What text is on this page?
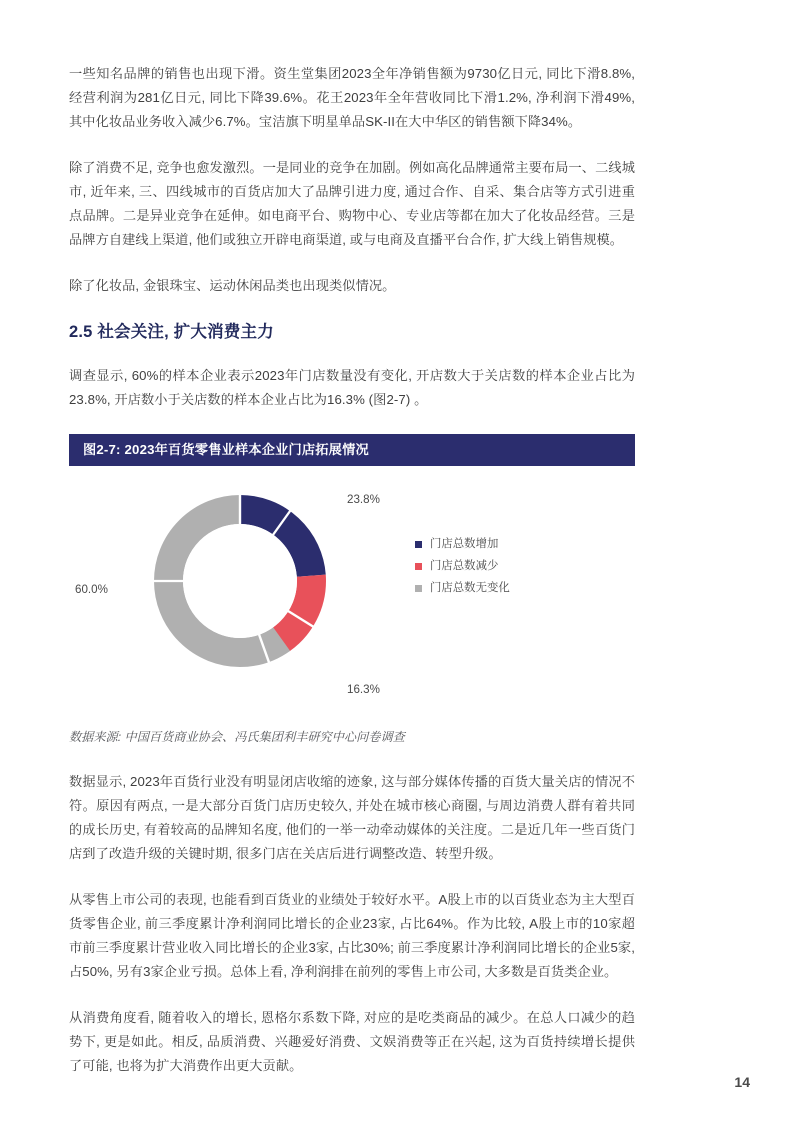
一些知名品牌的销售也出现下滑。资生堂集团2023全年净销售额为9730亿日元, 同比下滑8.8%, 经营利润为281亿日元, 同比下降39.6%。花王2023年全年营收同比下滑1.2%, 净利润下滑49%, 其中化妆品业务收入减少6.7%。宝洁旗下明星单品SK-II在大中华区的销售额下降34%。

除了消费不足, 竞争也愈发激烈。一是同业的竞争在加剧。例如高化品牌通常主要布局一、二线城市, 近年来, 三、四线城市的百货店加大了品牌引进力度, 通过合作、自采、集合店等方式引进重点品牌。二是异业竞争在延伸。如电商平台、购物中心、专业店等都在加大了化妆品经营。三是品牌方自建线上渠道, 他们或独立开辟电商渠道, 或与电商及直播平台合作, 扩大线上销售规模。

除了化妆品, 金银珠宝、运动休闲品类也出现类似情况。

2.5 社会关注, 扩大消费主力

调查显示, 60%的样本企业表示2023年门店数量没有变化, 开店数大于关店数的样本企业占比为23.8%, 开店数小于关店数的样本企业占比为16.3% (图2-7) 。

图2-7: 2023年百货零售业样本企业门店拓展情况
23.8%
16.3%
60.0%
门店总数增加
门店总数减少
门店总数无变化

数据来源: 中国百货商业协会、冯氏集团利丰研究中心问卷调查

数据显示, 2023年百货行业没有明显闭店收缩的迹象, 这与部分媒体传播的百货大量关店的情况不符。原因有两点, 一是大部分百货门店历史较久, 并处在城市核心商圈, 与周边消费人群有着共同的成长历史, 有着较高的品牌知名度, 他们的一举一动牵动媒体的关注度。二是近几年一些百货门店到了改造升级的关键时期, 很多门店在关店后进行调整改造、转型升级。

从零售上市公司的表现, 也能看到百货业的业绩处于较好水平。A股上市的以百货业态为主大型百货零售企业, 前三季度累计净利润同比增长的企业23家, 占比64%。作为比较, A股上市的10家超市前三季度累计营业收入同比增长的企业3家, 占比30%; 前三季度累计净利润同比增长的企业5家, 占50%, 另有3家企业亏损。总体上看, 净利润排在前列的零售上市公司, 大多数是百货类企业。

从消费角度看, 随着收入的增长, 恩格尔系数下降, 对应的是吃类商品的减少。在总人口减少的趋势下, 更是如此。相反, 品质消费、兴趣爱好消费、文娱消费等正在兴起, 这为百货持续增长提供了可能, 也将为扩大消费作出更大贡献。

14
